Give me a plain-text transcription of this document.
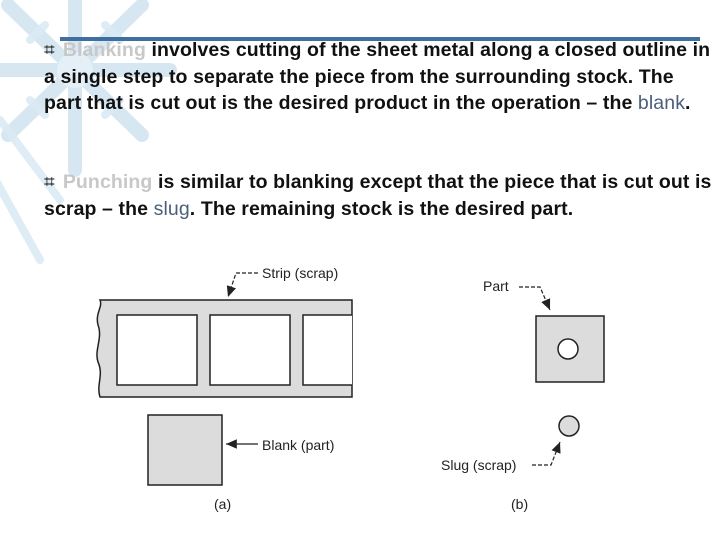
⌗ Blanking involves cutting of the sheet metal along a closed outline in a single step to separate the piece from the surrounding stock. The part that is cut out is the desired product in the operation – the blank.
⌗ Punching is similar to blanking except that the piece that is cut out is scrap – the slug. The remaining stock is the desired part.
Strip (scrap)
Blank (part)
Part
Slug (scrap)
(a)	(b)
